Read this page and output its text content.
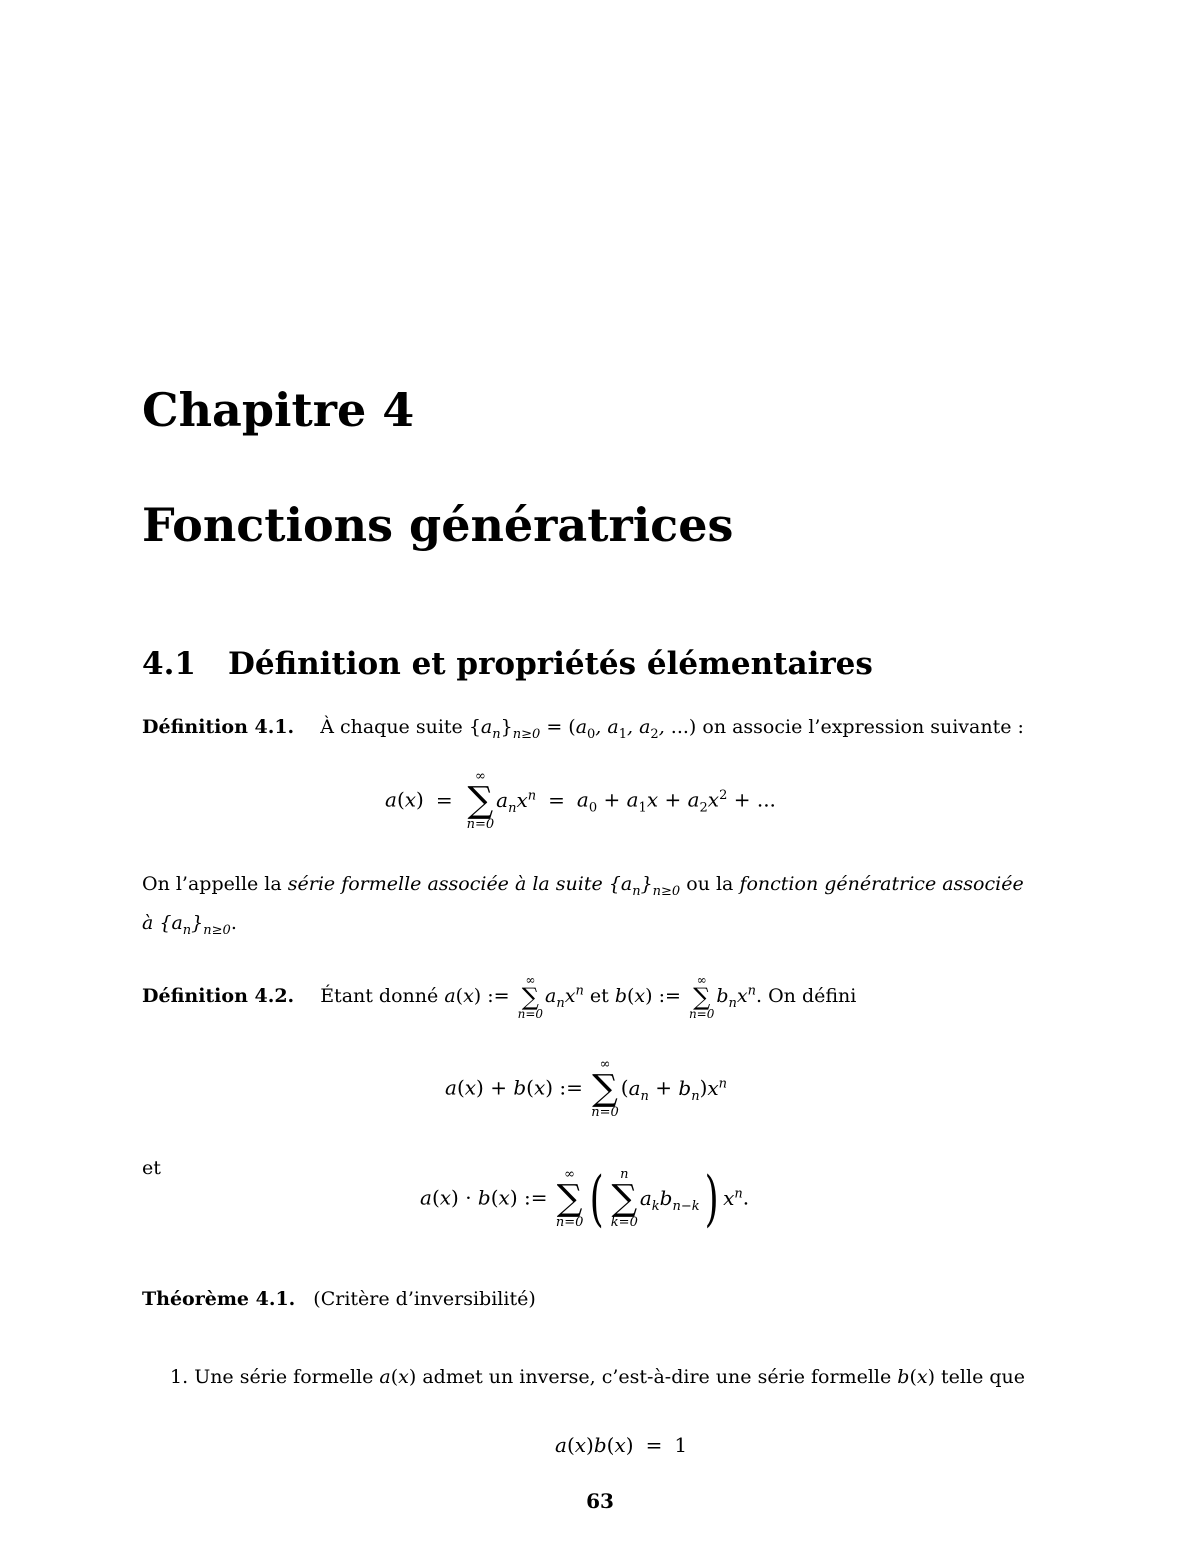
Chapitre 4
Fonctions génératrices
4.1 Définition et propriétés élémentaires
Définition 4.1. À chaque suite $\{a_n\}_{n\ge 0} = (a_0$, $a_1$, $a_2$, ...) on associe l’expression suivante :
a(x) =
∞
∑
n=0
$a_nx^n = a_0 + a_1x + a_2x^2$ + ...
On l’appelle la série formelle associée à la suite $\{a_n\}_{n\ge 0}$ ou la fonction génératrice associée
à $\{a_n\}_{n\ge 0}$.
Définition 4.2. Étant donné a(x) :=
∞
∑
n=0
$a_nx^n$ et b(x) :=
∞
∑
n=0
$b_nx^n$. On défini
a(x) + b(x) :=
∞
∑
n=0
$(a_n + b_n)x^n$
et
a(x) · b(x) :=
∞
∑
n=0 ( n
∑
k=0
$a_kb_{n-k}$) $x^n$.
Théorème 4.1. (Critère d’inversibilité)
1. Une série formelle a(x) admet un inverse, c’est-à-dire une série formelle b(x) telle que
a(x)b(x) = 1
63
